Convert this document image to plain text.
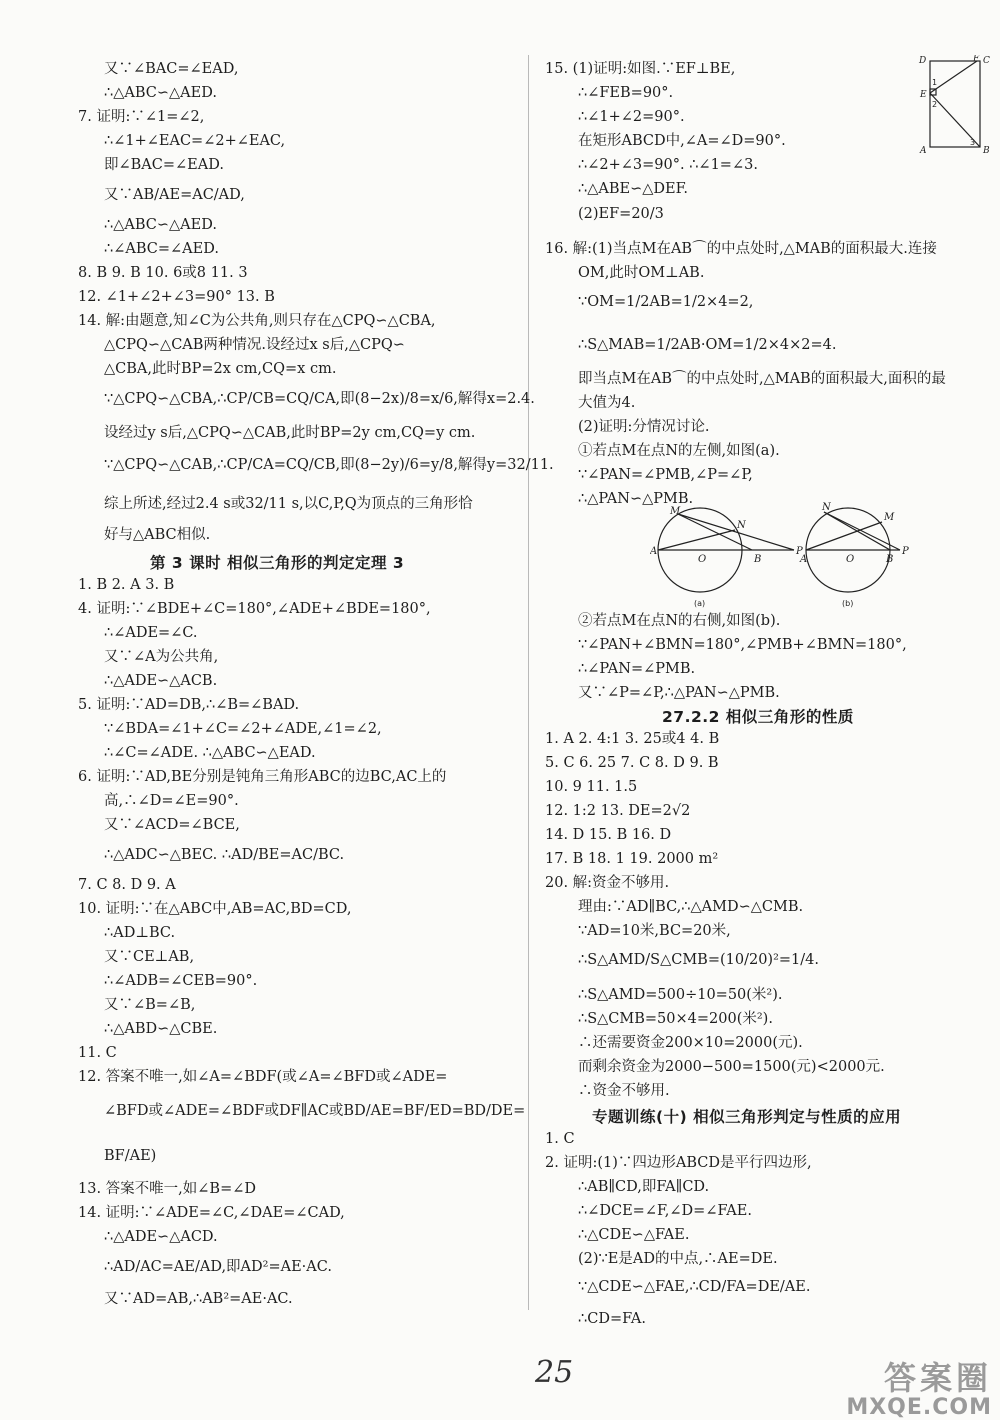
又∵∠BAC=∠EAD,
∴△ABC∽△AED.
7. 证明:∵∠1=∠2,
∴∠1+∠EAC=∠2+∠EAC,
即∠BAC=∠EAD.
又∵AB/AE=AC/AD,
∴△ABC∽△AED.
∴∠ABC=∠AED.
8. B 9. B 10. 6或8 11. 3
12. ∠1+∠2+∠3=90° 13. B
14. 解:由题意,知∠C为公共角,则只存在△CPQ∽△CBA,
△CPQ∽△CAB两种情况.设经过x s后,△CPQ∽
△CBA,此时BP=2x cm,CQ=x cm.
∵△CPQ∽△CBA,∴CP/CB=CQ/CA,即(8−2x)/8=x/6,解得x=2.4.
设经过y s后,△CPQ∽△CAB,此时BP=2y cm,CQ=y cm.
∵△CPQ∽△CAB,∴CP/CA=CQ/CB,即(8−2y)/6=y/8,解得y=32/11.
综上所述,经过2.4 s或32/11 s,以C,P,Q为顶点的三角形恰
好与△ABC相似.
第 3 课时 相似三角形的判定定理 3
1. B 2. A 3. B
4. 证明:∵∠BDE+∠C=180°,∠ADE+∠BDE=180°,
∴∠ADE=∠C.
又∵∠A为公共角,
∴△ADE∽△ACB.
5. 证明:∵AD=DB,∴∠B=∠BAD.
∵∠BDA=∠1+∠C=∠2+∠ADE,∠1=∠2,
∴∠C=∠ADE. ∴△ABC∽△EAD.
6. 证明:∵AD,BE分别是钝角三角形ABC的边BC,AC上的
高,∴∠D=∠E=90°.
又∵∠ACD=∠BCE,
∴△ADC∽△BEC. ∴AD/BE=AC/BC.
7. C 8. D 9. A
10. 证明:∵在△ABC中,AB=AC,BD=CD,
∴AD⊥BC.
又∵CE⊥AB,
∴∠ADB=∠CEB=90°.
又∵∠B=∠B,
∴△ABD∽△CBE.
11. C
12. 答案不唯一,如∠A=∠BDF(或∠A=∠BFD或∠ADE=
∠BFD或∠ADE=∠BDF或DF∥AC或BD/AE=BF/ED=BD/DE=
BF/AE)
13. 答案不唯一,如∠B=∠D
14. 证明:∵∠ADE=∠C,∠DAE=∠CAD,
∴△ADE∽△ACD.
∴AD/AC=AE/AD,即AD²=AE·AC.
又∵AD=AB,∴AB²=AE·AC.
15. (1)证明:如图.∵EF⊥BE,
∴∠FEB=90°.
∴∠1+∠2=90°.
在矩形ABCD中,∠A=∠D=90°.
∴∠2+∠3=90°. ∴∠1=∠3.
∴△ABE∽△DEF.
(2)EF=20/3
16. 解:(1)当点M在AB⌒的中点处时,△MAB的面积最大.连接
OM,此时OM⊥AB.
∵OM=1/2AB=1/2×4=2,
∴S△MAB=1/2AB·OM=1/2×4×2=4.
即当点M在AB⌒的中点处时,△MAB的面积最大,面积的最
大值为4.
(2)证明:分情况讨论.
①若点M在点N的左侧,如图(a).
∵∠PAN=∠PMB,∠P=∠P,
∴△PAN∽△PMB.
M
N
A
O	B
P
N
M
A	O	B
P
(a)	(b)
②若点M在点N的右侧,如图(b).
∵∠PAN+∠BMN=180°,∠PMB+∠BMN=180°,
∴∠PAN=∠PMB.
又∵∠P=∠P,∴△PAN∽△PMB.
27.2.2 相似三角形的性质
1. A 2. 4:1 3. 25或4 4. B
5. C 6. 25 7. C 8. D 9. B
10. 9 11. 1.5
12. 1:2 13. DE=2√2
14. D 15. B 16. D
17. B 18. 1 19. 2000 m²
20. 解:资金不够用.
理由:∵AD∥BC,∴△AMD∽△CMB.
∵AD=10米,BC=20米,
∴S△AMD/S△CMB=(10/20)²=1/4.
∴S△AMD=500÷10=50(米²).
∴S△CMB=50×4=200(米²).
∴还需要资金200×10=2000(元).
而剩余资金为2000−500=1500(元)<2000元.
∴资金不够用.
专题训练(十) 相似三角形判定与性质的应用
1. C
2. 证明:(1)∵四边形ABCD是平行四边形,
∴AB∥CD,即FA∥CD.
∴∠DCE=∠F,∠D=∠FAE.
∴△CDE∽△FAE.
(2)∵E是AD的中点,∴AE=DE.
∵△CDE∽△FAE,∴CD/FA=DE/AE.
∴CD=FA.
D	F C
E
A	B
1
2
3
25	答案圈
MXQE.COM
